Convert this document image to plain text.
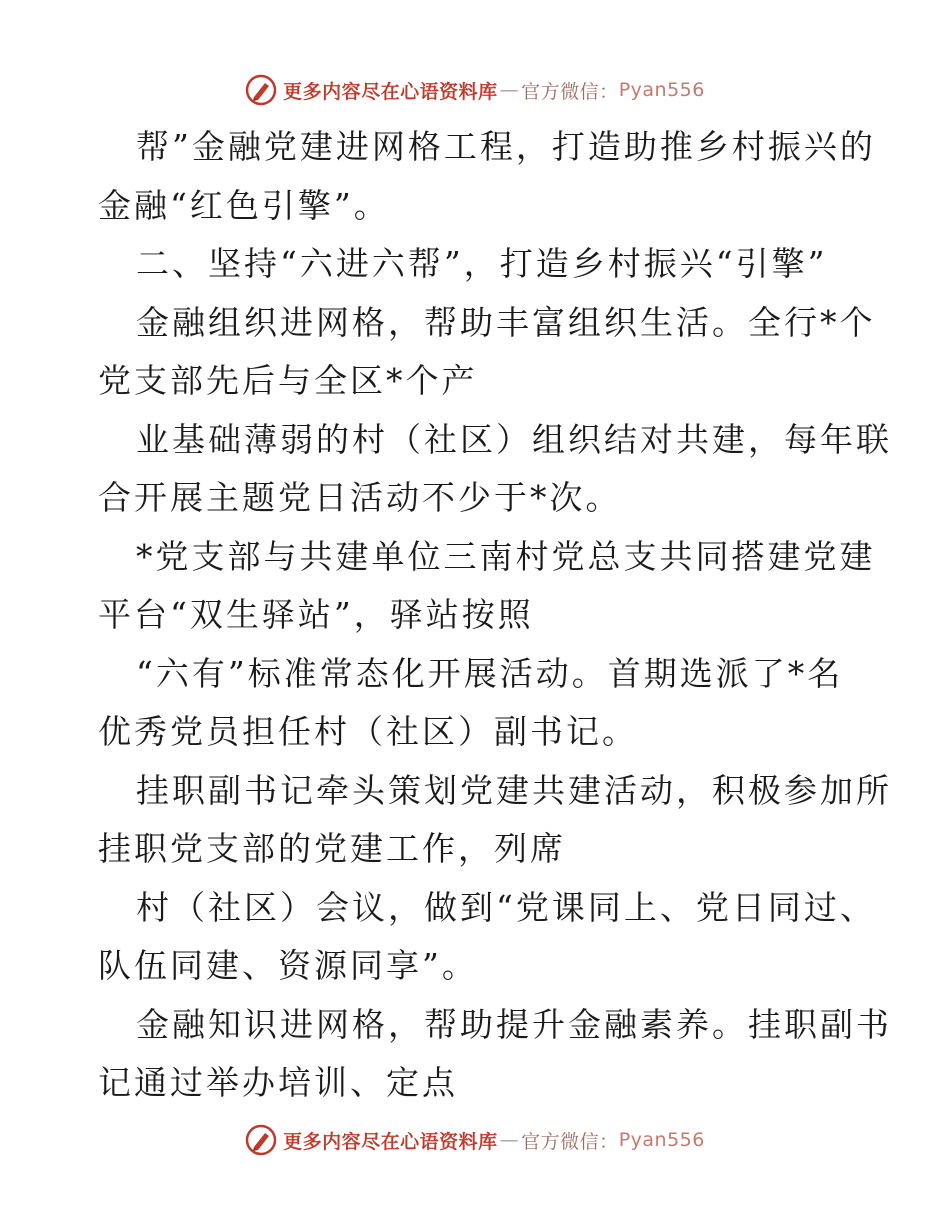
更多内容尽在心语资料库 — 官方微信： Pyan556
帮”金融党建进网格工程，打造助推乡村振兴的
金融“红色引擎”。
二、坚持“六进六帮”，打造乡村振兴“引擎”
金融组织进网格，帮助丰富组织生活。全行*个
党支部先后与全区*个产
业基础薄弱的村（社区）组织结对共建，每年联
合开展主题党日活动不少于*次。
*党支部与共建单位三南村党总支共同搭建党建
平台“双生驿站”，驿站按照
“六有”标准常态化开展活动。首期选派了*名
优秀党员担任村（社区）副书记。
挂职副书记牵头策划党建共建活动，积极参加所
挂职党支部的党建工作，列席
村（社区）会议，做到“党课同上、党日同过、
队伍同建、资源同享”。
金融知识进网格，帮助提升金融素养。挂职副书
记通过举办培训、定点
更多内容尽在心语资料库 — 官方微信： Pyan556
